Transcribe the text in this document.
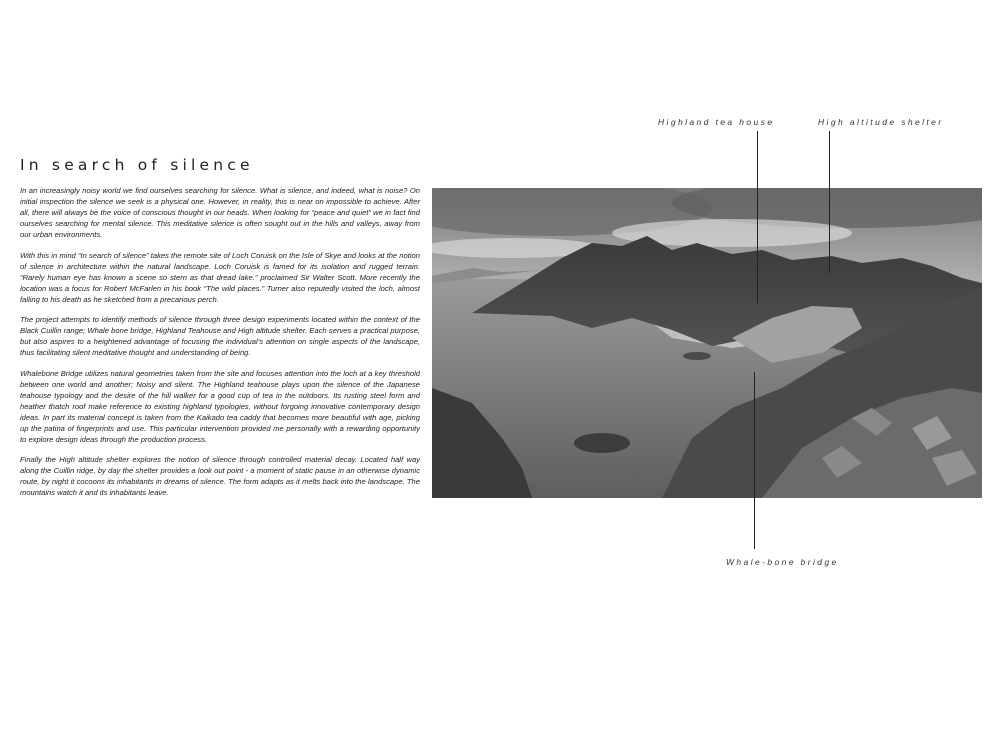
In search of silence

In an increasingly noisy world we find ourselves searching for silence. What is silence, and indeed, what is noise? On initial inspection the silence we seek is a physical one. However, in reality, this is near on impossible to achieve. After all, there will always be the voice of conscious thought in our heads. When looking for “peace and quiet” we in fact find ourselves searching for mental silence. This meditative silence is often sought out in the hills and valleys, away from our urban environments.

With this in mind “In search of silence” takes the remote site of Loch Coruisk on the Isle of Skye and looks at the notion of silence in architecture within the natural landscape. Loch Coruisk is famed for its isolation and rugged terrain. “Rarely human eye has known a scene so stern as that dread lake.” proclaimed Sir Walter Scott. More recently the location was a focus for Robert McFarlen in his book “The wild places.” Turner also reputedly visited the loch, almost falling to his death as he sketched from a precarious perch.

The project attempts to identify methods of silence through three design experiments located within the context of the Black Cuillin range; Whale bone bridge, Highland Teahouse and High altitude shelter. Each serves a practical purpose, but also aspires to a heightened advantage of focusing the individual’s attention on single aspects of the landscape, thus facilitating silent meditative thought and understanding of being.

Whalebone Bridge utilizes natural geometries taken from the site and focuses attention into the loch at a key threshold between one world and another; Noisy and silent. The Highland teahouse plays upon the silence of the Japanese teahouse typology and the desire of the hill walker for a good cup of tea in the outdoors. Its rusting steel form and heather thatch roof make reference to existing highland typologies, without forgoing innovative contemporary design ideas. In part its material concept is taken from the Kaikado tea caddy that becomes more beautiful with age, picking up the patina of fingerprints and use. This particular intervention provided me personally with a rewarding opportunity to explore design ideas through the production process.

Finally the High altitude shelter explores the notion of silence through controlled material decay. Located half way along the Cuillin ridge, by day the shelter provides a look out point - a moment of static pause in an otherwise dynamic route, by night it cocoons its inhabitants in dreams of silence. The form adapts as it melts back into the landscape. The mountains watch it and its inhabitants leave.

Highland tea house	High altitude shelter
Whale-bone bridge
